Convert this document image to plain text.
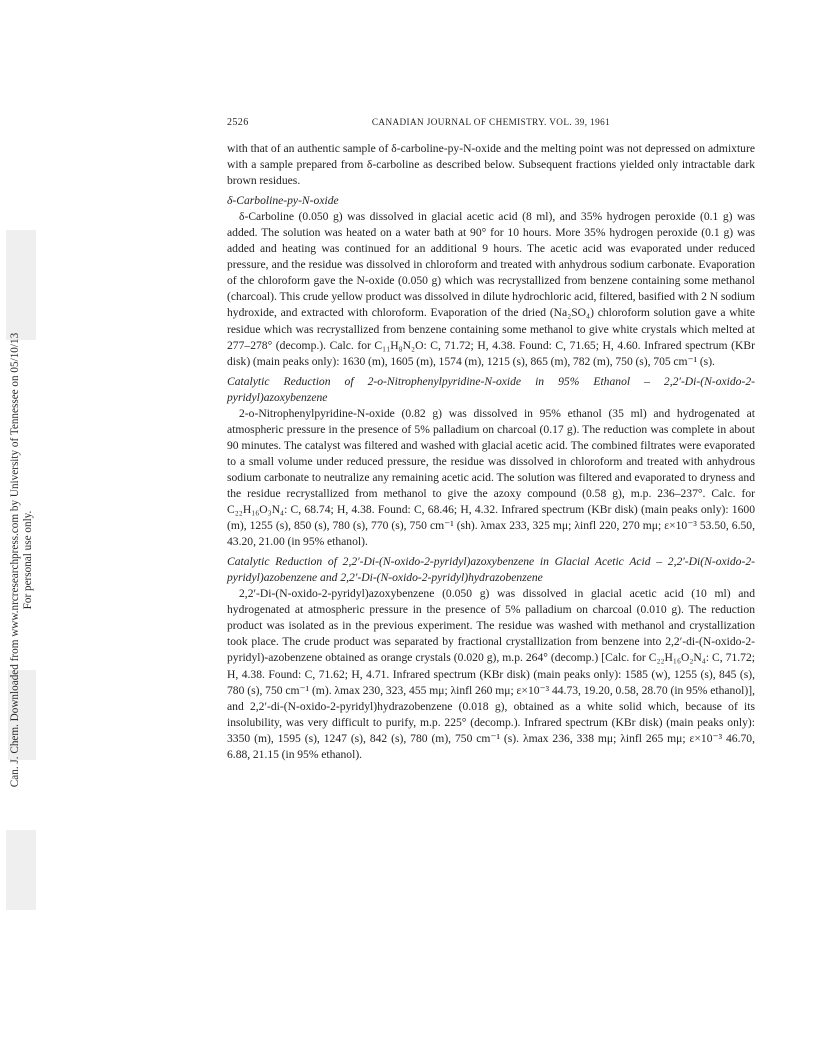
Can. J. Chem. Downloaded from www.nrcresearchpress.com by University of Tennessee on 05/10/13 For personal use only.
2526	CANADIAN JOURNAL OF CHEMISTRY. VOL. 39, 1961

with that of an authentic sample of δ-carboline-py-N-oxide and the melting point was not depressed on admixture with a sample prepared from δ-carboline as described below. Subsequent fractions yielded only intractable dark brown residues.

δ-Carboline-py-N-oxide

δ-Carboline (0.050 g) was dissolved in glacial acetic acid (8 ml), and 35% hydrogen peroxide (0.1 g) was added. The solution was heated on a water bath at 90° for 10 hours. More 35% hydrogen peroxide (0.1 g) was added and heating was continued for an additional 9 hours. The acetic acid was evaporated under reduced pressure, and the residue was dissolved in chloroform and treated with anhydrous sodium carbonate. Evaporation of the chloroform gave the N-oxide (0.050 g) which was recrystallized from benzene containing some methanol (charcoal). This crude yellow product was dissolved in dilute hydrochloric acid, filtered, basified with 2 N sodium hydroxide, and extracted with chloroform. Evaporation of the dried (Na₂SO₄) chloroform solution gave a white residue which was recrystallized from benzene containing some methanol to give white crystals which melted at 277–278° (decomp.). Calc. for C₁₁H₈N₂O: C, 71.72; H, 4.38. Found: C, 71.65; H, 4.60. Infrared spectrum (KBr disk) (main peaks only): 1630 (m), 1605 (m), 1574 (m), 1215 (s), 865 (m), 782 (m), 750 (s), 705 cm⁻¹ (s).

Catalytic Reduction of 2-o-Nitrophenylpyridine-N-oxide in 95% Ethanol – 2,2′-Di-(N-oxido-2-pyridyl)azoxybenzene

2-o-Nitrophenylpyridine-N-oxide (0.82 g) was dissolved in 95% ethanol (35 ml) and hydrogenated at atmospheric pressure in the presence of 5% palladium on charcoal (0.17 g). The reduction was complete in about 90 minutes. The catalyst was filtered and washed with glacial acetic acid. The combined filtrates were evaporated to a small volume under reduced pressure, the residue was dissolved in chloroform and treated with anhydrous sodium carbonate to neutralize any remaining acetic acid. The solution was filtered and evaporated to dryness and the residue recrystallized from methanol to give the azoxy compound (0.58 g), m.p. 236–237°. Calc. for C₂₂H₁₆O₃N₄: C, 68.74; H, 4.38. Found: C, 68.46; H, 4.32. Infrared spectrum (KBr disk) (main peaks only): 1600 (m), 1255 (s), 850 (s), 780 (s), 770 (s), 750 cm⁻¹ (sh). λmax 233, 325 mμ; λinfl 220, 270 mμ; ε×10⁻³ 53.50, 6.50, 43.20, 21.00 (in 95% ethanol).

Catalytic Reduction of 2,2′-Di-(N-oxido-2-pyridyl)azoxybenzene in Glacial Acetic Acid – 2,2′-Di(N-oxido-2-pyridyl)azobenzene and 2,2′-Di-(N-oxido-2-pyridyl)hydrazobenzene

2,2′-Di-(N-oxido-2-pyridyl)azoxybenzene (0.050 g) was dissolved in glacial acetic acid (10 ml) and hydrogenated at atmospheric pressure in the presence of 5% palladium on charcoal (0.010 g). The reduction product was isolated as in the previous experiment. The residue was washed with methanol and crystallization took place. The crude product was separated by fractional crystallization from benzene into 2,2′-di-(N-oxido-2-pyridyl)-azobenzene obtained as orange crystals (0.020 g), m.p. 264° (decomp.) [Calc. for C₂₂H₁₆O₂N₄: C, 71.72; H, 4.38. Found: C, 71.62; H, 4.71. Infrared spectrum (KBr disk) (main peaks only): 1585 (w), 1255 (s), 845 (s), 780 (s), 750 cm⁻¹ (m). λmax 230, 323, 455 mμ; λinfl 260 mμ; ε×10⁻³ 44.73, 19.20, 0.58, 28.70 (in 95% ethanol)], and 2,2′-di-(N-oxido-2-pyridyl)hydrazobenzene (0.018 g), obtained as a white solid which, because of its insolubility, was very difficult to purify, m.p. 225° (decomp.). Infrared spectrum (KBr disk) (main peaks only): 3350 (m), 1595 (s), 1247 (s), 842 (s), 780 (m), 750 cm⁻¹ (s). λmax 236, 338 mμ; λinfl 265 mμ; ε×10⁻³ 46.70, 6.88, 21.15 (in 95% ethanol).
